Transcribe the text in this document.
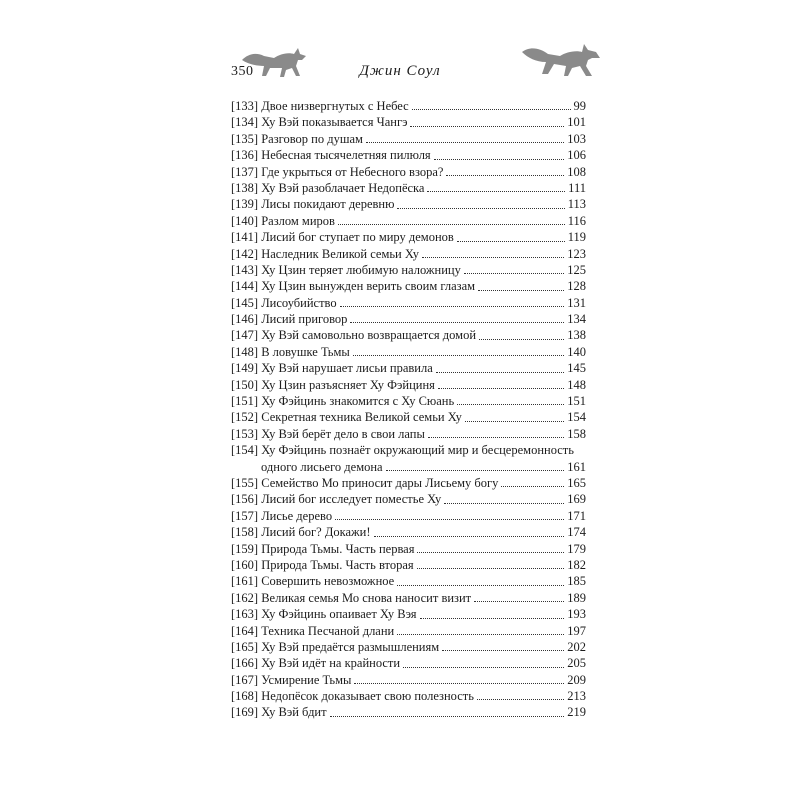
350	Джин Соул
[133] Двое низвергнутых с Небес	99
[134] Ху Вэй показывается Чангэ	101
[135] Разговор по душам	103
[136] Небесная тысячелетняя пилюля	106
[137] Где укрыться от Небесного взора?	108
[138] Ху Вэй разоблачает Недопёска	111
[139] Лисы покидают деревню	113
[140] Разлом миров	116
[141] Лисий бог ступает по миру демонов	119
[142] Наследник Великой семьи Ху	123
[143] Ху Цзин теряет любимую наложницу	125
[144] Ху Цзин вынужден верить своим глазам	128
[145] Лисоубийство	131
[146] Лисий приговор	134
[147] Ху Вэй самовольно возвращается домой	138
[148] В ловушке Тьмы	140
[149] Ху Вэй нарушает лисьи правила	145
[150] Ху Цзин разъясняет Ху Фэйциня	148
[151] Ху Фэйцинь знакомится с Ху Сюань	151
[152] Секретная техника Великой семьи Ху	154
[153] Ху Вэй берёт дело в свои лапы	158
[154] Ху Фэйцинь познаёт окружающий мир и бесцеремонность
одного лисьего демона	161
[155] Семейство Мо приносит дары Лисьему богу	165
[156] Лисий бог исследует поместье Ху	169
[157] Лисье дерево	171
[158] Лисий бог? Докажи!	174
[159] Природа Тьмы. Часть первая	179
[160] Природа Тьмы. Часть вторая	182
[161] Совершить невозможное	185
[162] Великая семья Мо снова наносит визит	189
[163] Ху Фэйцинь опаивает Ху Вэя	193
[164] Техника Песчаной длани	197
[165] Ху Вэй предаётся размышлениям	202
[166] Ху Вэй идёт на крайности	205
[167] Усмирение Тьмы	209
[168] Недопёсок доказывает свою полезность	213
[169] Ху Вэй бдит	219
